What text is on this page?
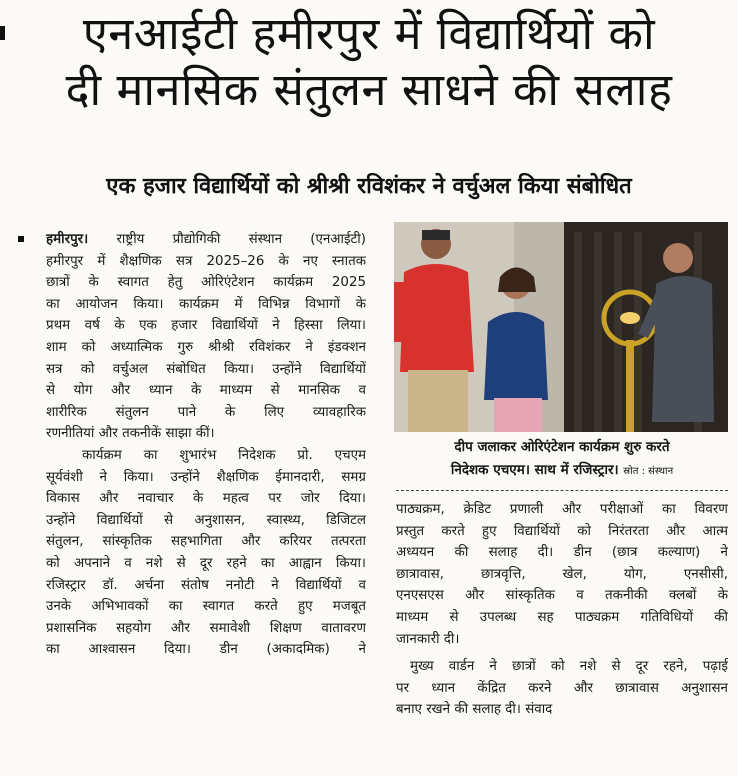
एनआईटी हमीरपुर में विद्यार्थियों को
दी मानसिक संतुलन साधने की सलाह
एक हजार विद्यार्थियों को श्रीश्री रविशंकर ने वर्चुअल किया संबोधित
हमीरपुर। राष्ट्रीय प्रौद्योगिकी संस्थान (एनआईटी)
हमीरपुर में शैक्षणिक सत्र 2025–26 के नए स्नातक
छात्रों के स्वागत हेतु ओरिएंटेशन कार्यक्रम 2025
का आयोजन किया। कार्यक्रम में विभिन्न विभागों के
प्रथम वर्ष के एक हजार विद्यार्थियों ने हिस्सा लिया।
शाम को अध्यात्मिक गुरु श्रीश्री रविशंकर ने इंडक्शन
सत्र को वर्चुअल संबोधित किया। उन्होंने विद्यार्थियों
से योग और ध्यान के माध्यम से मानसिक व
शारीरिक संतुलन पाने के लिए व्यावहारिक
रणनीतियां और तकनीकें साझा कीं।
कार्यक्रम का शुभारंभ निदेशक प्रो. एचएम
सूर्यवंशी ने किया। उन्होंने शैक्षणिक ईमानदारी, समग्र
विकास और नवाचार के महत्व पर जोर दिया।
उन्होंने विद्यार्थियों से अनुशासन, स्वास्थ्य, डिजिटल
संतुलन, सांस्कृतिक सहभागिता और करियर तत्परता
को अपनाने व नशे से दूर रहने का आह्वान किया।
रजिस्ट्रार डॉ. अर्चना संतोष ननोटी ने विद्यार्थियों व
उनके अभिभावकों का स्वागत करते हुए मजबूत
प्रशासनिक सहयोग और समावेशी शिक्षण वातावरण
का आश्वासन दिया। डीन (अकादमिक) ने
दीप जलाकर ओरिएंटेशन कार्यक्रम शुरु करते
निदेशक एचएम। साथ में रजिस्ट्रार। स्रोत : संस्थान
पाठ्यक्रम, क्रेडिट प्रणाली और परीक्षाओं का विवरण
प्रस्तुत करते हुए विद्यार्थियों को निरंतरता और आत्म
अध्ययन की सलाह दी। डीन (छात्र कल्याण) ने
छात्रावास, छात्रवृत्ति, खेल, योग, एनसीसी,
एनएसएस और सांस्कृतिक व तकनीकी क्लबों के
माध्यम से उपलब्ध सह पाठ्यक्रम गतिविधियों की
जानकारी दी।
मुख्य वार्डन ने छात्रों को नशे से दूर रहने, पढ़ाई
पर ध्यान केंद्रित करने और छात्रावास अनुशासन
बनाए रखने की सलाह दी। संवाद
